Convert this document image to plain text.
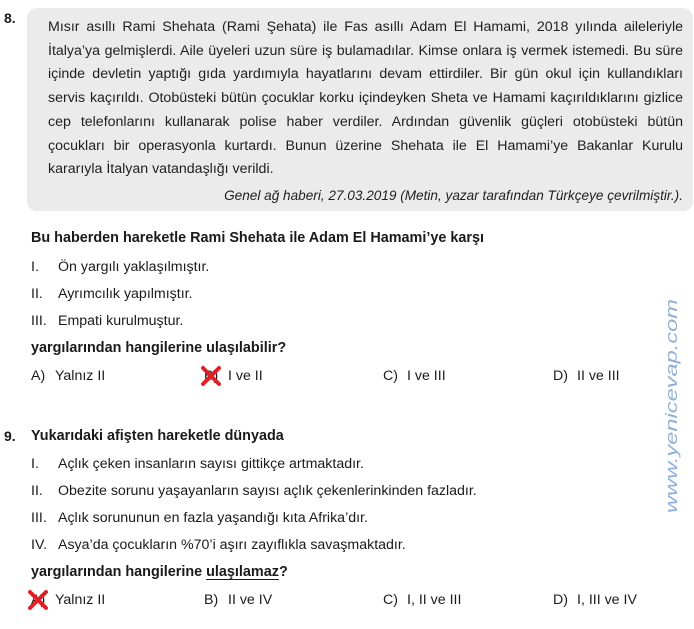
8.

Mısır asıllı Rami Shehata (Rami Şehata) ile Fas asıllı Adam El Hamami, 2018 yılında aileleriyle İtalya’ya gelmişlerdi. Aile üyeleri uzun süre iş bulamadılar. Kimse onlara iş vermek istemedi. Bu süre içinde devletin yaptığı gıda yardımıyla hayatlarını devam ettirdiler. Bir gün okul için kullandıkları servis kaçırıldı. Otobüsteki bütün çocuklar korku içindeyken Sheta ve Hamami kaçırıldıklarını gizlice cep telefonlarını kullanarak polise haber verdiler. Ardından güvenlik güçleri otobüsteki bütün çocukları bir operasyonla kurtardı. Bunun üzerine Shehata ile El Hamami’ye Bakanlar Kurulu kararıyla İtalyan vatandaşlığı verildi.

Genel ağ haberi, 27.03.2019 (Metin, yazar tarafından Türkçeye çevrilmiştir.).

Bu haberden hareketle Rami Shehata ile Adam El Hamami’ye karşı
I.	Ön yargılı yaklaşılmıştır.
II.	Ayrımcılık yapılmıştır.
III. Empati kurulmuştur.
yargılarından hangilerine ulaşılabilir?
A) Yalnız II	B) I ve II	C) I ve III	D) II ve III
9. Yukarıdaki afişten hareketle dünyada
I.	Açlık çeken insanların sayısı gittikçe artmaktadır.
II.	Obezite sorunu yaşayanların sayısı açlık çekenlerinkinden fazladır.
III. Açlık sorununun en fazla yaşandığı kıta Afrika’dır.
IV. Asya’da çocukların %70’i aşırı zayıflıkla savaşmaktadır.
yargılarından hangilerine ulaşılamaz?
A) Yalnız II	B) II ve IV	C) I, II ve III	D) I, III ve IV
www.yenicevap.com
